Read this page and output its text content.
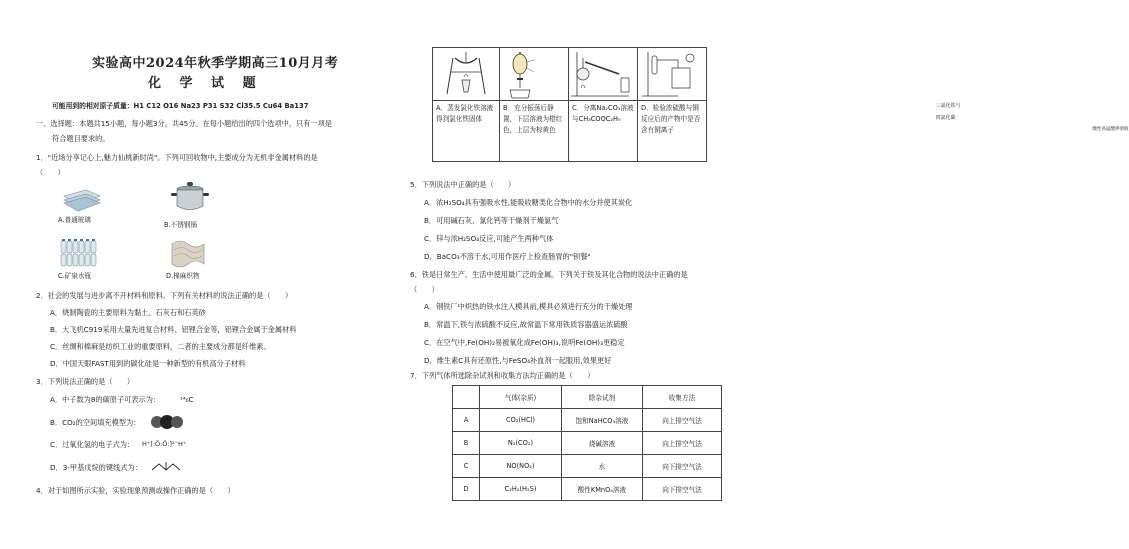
实验高中2024年秋季学期高三10月月考
化 学 试 题
可能用到的相对原子质量：H1 C12 O16 Na23 P31 S32 Cl35.5 Cu64 Ba137
一、选择题：本题共15小题，每小题3分，共45分。在每小题给出的四个选项中，只有一项是
符合题目要求的。
1．"近场分享记心上,魅力仙桃新时尚"。下列可回收物中,主要成分为无机非金属材料的是
（　　）
A.普通玻璃
B.不锈钢锅
C.矿泉水瓶	D.棉麻织物
2．社会的发展与进步离不开材料和原料。下列有关材料的说法正确的是（　　）
A．烧制陶瓷的主要原料为黏土、石灰石和石英砂
B．大飞机C919采用大量先进复合材料、铝锂合金等，铝锂合金属于金属材料
C．丝绸和棉麻是纺织工业的重要原料，二者的主要成分都是纤维素。
D．中国天眼FAST用到的碳化硅是一种新型的有机高分子材料
3．下列说法正确的是（　　）
A．中子数为8的碳原子可表示为：	¹⁴₆C
B．CO₂的空间填充模型为：
C．过氧化氢的电子式为： H⁺[:Ö:Ö:]²⁻H⁺
D．3-甲基戊烷的键线式为：
4．对于如图所示实验，实验现象预测或操作正确的是（　　）

三氯化铁与
四氯化碳		酸性高锰酸钾溶液

A．蒸发氯化铁溶液得到氯化铁固体	B．充分振荡后静置，下层溶液为橙红色，上层为棕黄色	C．分离Na₂CO₃溶液与CH₃COOC₂H₅	D．检验浓硫酸与铜反应后的产物中是否含有铜离子
5．下列说法中正确的是（　　）
A．浓H₂SO₄具有强吸水性,能吸收糖类化合物中的水分并使其炭化
B．可用碱石灰、氯化钙等干燥剂干燥氯气
C．锌与浓H₂SO₄反应,可能产生两种气体
D．BaCO₃不溶于水,可用作医疗上检查肠胃的"钡餐"
6．铁是日常生产、生活中使用最广泛的金属。下列关于铁及其化合物的说法中正确的是
（　　）
A．钢铁厂中炽热的铁水注入模具前,模具必须进行充分的干燥处理
B．常温下,铁与浓硫酸不反应,故常温下常用铁质容器盛运浓硫酸
C．在空气中,Fe(OH)₂易被氧化成Fe(OH)₃,说明Fe(OH)₃更稳定
D．维生素C具有还原性,与FeSO₄补血剂一起服用,效果更好
7．下列气体所选除杂试剂和收集方法均正确的是（　　）
	气体(杂质)	除杂试剂	收集方法
A	CO₂(HCl)	饱和NaHCO₃溶液	向上排空气法
B	N₂(CO₂)	烧碱溶液	向上排空气法
C	NO(NO₂)	水	向下排空气法
D	C₂H₂(H₂S)	酸性KMnO₄溶液	向下排空气法
